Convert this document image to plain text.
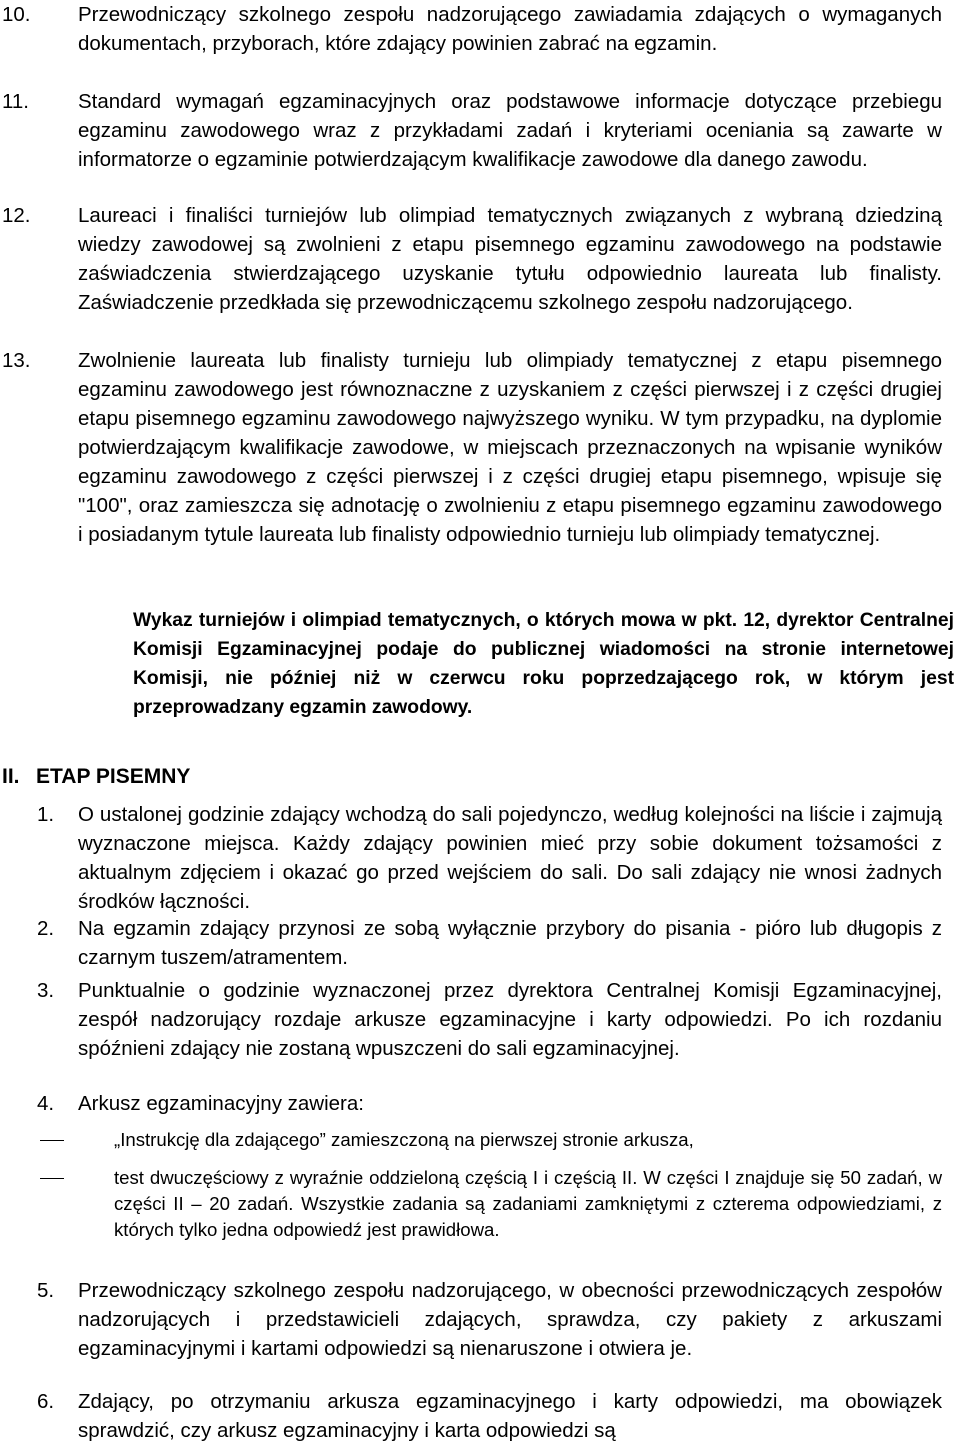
10. Przewodniczący szkolnego zespołu nadzorującego zawiadamia zdających o wymaganych dokumentach, przyborach, które zdający powinien zabrać na egzamin.
11. Standard wymagań egzaminacyjnych oraz podstawowe informacje dotyczące przebiegu egzaminu zawodowego wraz z przykładami zadań i kryteriami oceniania są zawarte w informatorze o egzaminie potwierdzającym kwalifikacje zawodowe dla danego zawodu.
12. Laureaci i finaliści turniejów lub olimpiad tematycznych związanych z wybraną dziedziną wiedzy zawodowej są zwolnieni z etapu pisemnego egzaminu zawodowego na podstawie zaświadczenia stwierdzającego uzyskanie tytułu odpowiednio laureata lub finalisty. Zaświadczenie przedkłada się przewodniczącemu szkolnego zespołu nadzorującego.
13. Zwolnienie laureata lub finalisty turnieju lub olimpiady tematycznej z etapu pisemnego egzaminu zawodowego jest równoznaczne z uzyskaniem z części pierwszej i z części drugiej etapu pisemnego egzaminu zawodowego najwyższego wyniku. W tym przypadku, na dyplomie potwierdzającym kwalifikacje zawodowe, w miejscach przeznaczonych na wpisanie wyników egzaminu zawodowego z części pierwszej i z części drugiej etapu pisemnego, wpisuje się "100", oraz zamieszcza się adnotację o zwolnieniu z etapu pisemnego egzaminu zawodowego i posiadanym tytule laureata lub finalisty odpowiednio turnieju lub olimpiady tematycznej.
Wykaz turniejów i olimpiad tematycznych, o których mowa w pkt. 12, dyrektor Centralnej Komisji Egzaminacyjnej podaje do publicznej wiadomości na stronie internetowej Komisji, nie później niż w czerwcu roku poprzedzającego rok, w którym jest przeprowadzany egzamin zawodowy.
II. ETAP PISEMNY
1. O ustalonej godzinie zdający wchodzą do sali pojedynczo, według kolejności na liście i zajmują wyznaczone miejsca. Każdy zdający powinien mieć przy sobie dokument tożsamości z aktualnym zdjęciem i okazać go przed wejściem do sali. Do sali zdający nie wnosi żadnych środków łączności.
2. Na egzamin zdający przynosi ze sobą wyłącznie przybory do pisania - pióro lub długopis z czarnym tuszem/atramentem.
3. Punktualnie o godzinie wyznaczonej przez dyrektora Centralnej Komisji Egzaminacyjnej, zespół nadzorujący rozdaje arkusze egzaminacyjne i karty odpowiedzi. Po ich rozdaniu spóźnieni zdający nie zostaną wpuszczeni do sali egzaminacyjnej.
4. Arkusz egzaminacyjny zawiera:
„Instrukcję dla zdającego” zamieszczoną na pierwszej stronie arkusza,
test dwuczęściowy z wyraźnie oddzieloną częścią I i częścią II. W części I znajduje się 50 zadań, w części II – 20 zadań. Wszystkie zadania są zadaniami zamkniętymi z czterema odpowiedziami, z których tylko jedna odpowiedź jest prawidłowa.
5. Przewodniczący szkolnego zespołu nadzorującego, w obecności przewodniczących zespołów nadzorujących i przedstawicieli zdających, sprawdza, czy pakiety z arkuszami egzaminacyjnymi i kartami odpowiedzi są nienaruszone i otwiera je.
6. Zdający, po otrzymaniu arkusza egzaminacyjnego i karty odpowiedzi, ma obowiązek sprawdzić, czy arkusz egzaminacyjny i karta odpowiedzi są
